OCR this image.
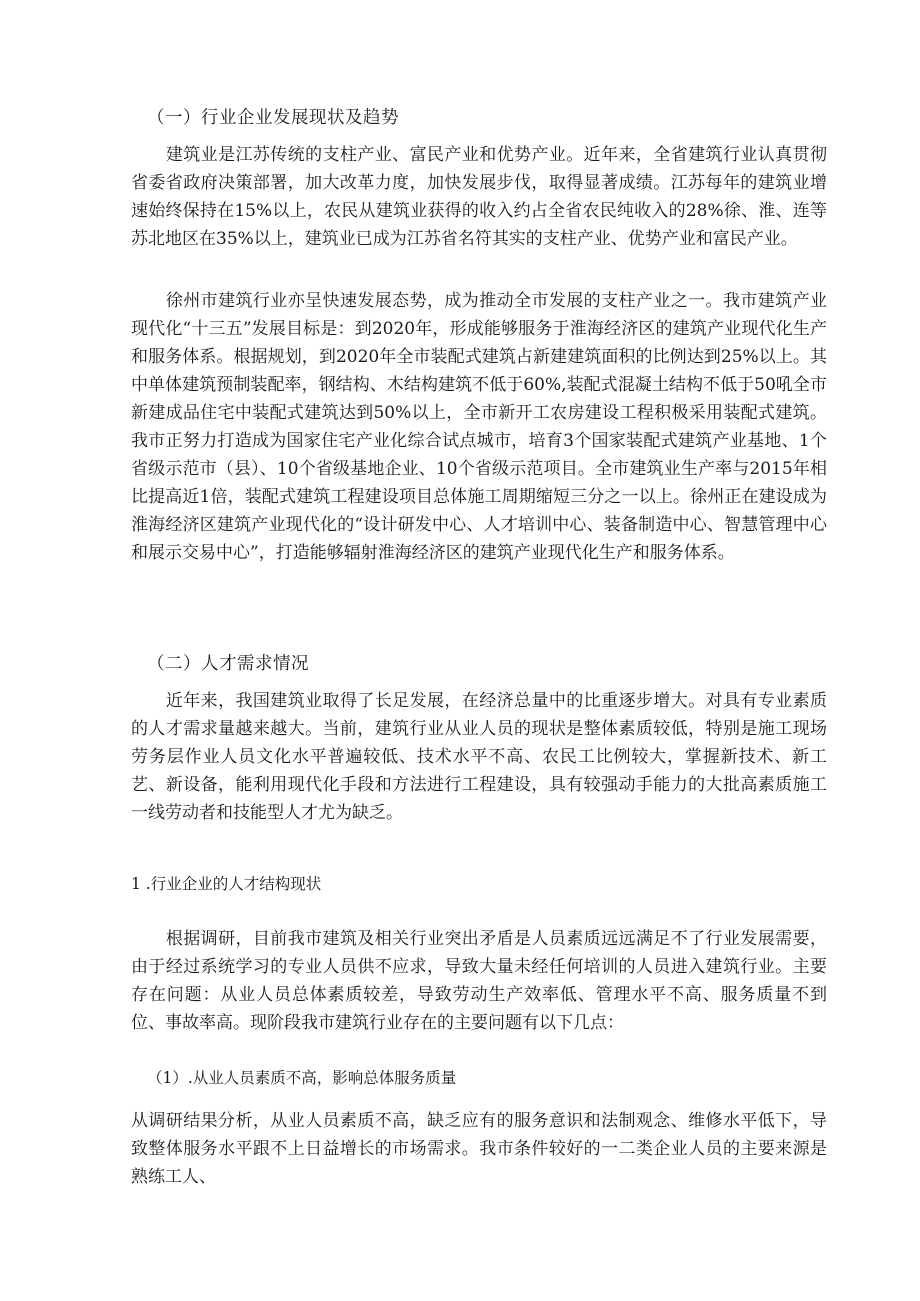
（一）行业企业发展现状及趋势

建筑业是江苏传统的支柱产业、富民产业和优势产业。近年来，全省建筑行业认真贯彻省委省政府决策部署，加大改革力度，加快发展步伐，取得显著成绩。江苏每年的建筑业增速始终保持在15%以上，农民从建筑业获得的收入约占全省农民纯收入的28%徐、淮、连等苏北地区在35%以上，建筑业已成为江苏省名符其实的支柱产业、优势产业和富民产业。

徐州市建筑行业亦呈快速发展态势，成为推动全市发展的支柱产业之一。我市建筑产业现代化“十三五”发展目标是：到2020年，形成能够服务于淮海经济区的建筑产业现代化生产和服务体系。根据规划，到2020年全市装配式建筑占新建建筑面积的比例达到25%以上。其中单体建筑预制装配率，钢结构、木结构建筑不低于60%,装配式混凝土结构不低于50吼全市新建成品住宅中装配式建筑达到50%以上，全市新开工农房建设工程积极采用装配式建筑。我市正努力打造成为国家住宅产业化综合试点城市，培育3个国家装配式建筑产业基地、1个省级示范市（县）、10个省级基地企业、10个省级示范项目。全市建筑业生产率与2015年相比提高近1倍，装配式建筑工程建设项目总体施工周期缩短三分之一以上。徐州正在建设成为淮海经济区建筑产业现代化的“设计研发中心、人才培训中心、装备制造中心、智慧管理中心和展示交易中心”，打造能够辐射淮海经济区的建筑产业现代化生产和服务体系。

（二）人才需求情况

近年来，我国建筑业取得了长足发展，在经济总量中的比重逐步增大。对具有专业素质的人才需求量越来越大。当前，建筑行业从业人员的现状是整体素质较低，特别是施工现场劳务层作业人员文化水平普遍较低、技术水平不高、农民工比例较大，掌握新技术、新工艺、新设备，能利用现代化手段和方法进行工程建设，具有较强动手能力的大批高素质施工一线劳动者和技能型人才尤为缺乏。

1 .行业企业的人才结构现状

根据调研，目前我市建筑及相关行业突出矛盾是人员素质远远满足不了行业发展需要，由于经过系统学习的专业人员供不应求，导致大量未经任何培训的人员进入建筑行业。主要存在问题：从业人员总体素质较差，导致劳动生产效率低、管理水平不高、服务质量不到位、事故率高。现阶段我市建筑行业存在的主要问题有以下几点：

（1）.从业人员素质不高，影响总体服务质量

从调研结果分析，从业人员素质不高，缺乏应有的服务意识和法制观念、维修水平低下，导致整体服务水平跟不上日益增长的市场需求。我市条件较好的一二类企业人员的主要来源是熟练工人、
